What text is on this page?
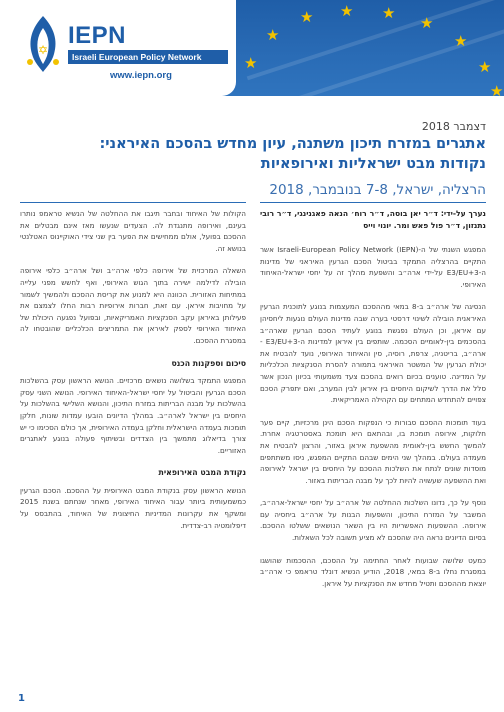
★ ★ ★
★
★
★
★
★
★
✡
IEPN
Israeli European Policy Network
www.iepn.org
דצמבר 2018
אתגרים במזרח תיכון משתנה, עיון מחדש בהסכם האיראני:
נקודות מבט ישראליות ואירופאיות
הרצליה, ישראל, 7-8 בנובמבר, 2018
נערך על-ידי: ד״ר יאן בוסה, ד״ר רוח׳ הנאה פאגנינגי, ד״ר רובי נתנזון, ד״ר פול פאש ומר. יונוי וייס

המפגש השנתי של ה-Israeli-European Policy Network (IEPN) אשר התקיים בהרצליה התמקד בביטול הסכם הגרעין האיראני של מדינות ה-3+E3/EU על-ידי ארה״ב והשפעת מהלך זה על יחסי ישראל-האיחוד האירופי.

הנסיגה של ארה״ב ב-8 במאי מההסכם המעצמות בנוגע לתוכנית הגרעין האיראנית הובילה לשינוי דרסטי בערה שבה מדינות העולם נוגעות ליחסיהן עם איראן, וכן העולם נפגשת בנוגע לעתיד הסכם הגרעין שארה״ב בהסכמים בין-לאומיים הסכמה. שותפים בין איראן למדינות ה-3+E3/EU - ארה״ב, בריטניה, צרפת, רוסיה, סין והאיחוד האירופי, נועד להבטיח את יכולת הגרעין של המשטר האיראני בתמורה להסרת הסנקציות הכלכליות על המדינה. טוענים בכיום רואים בהסכם צעד משמעותי בכיוון הנכון אשר סלל את הדרך לשיקום היחסים בין איראן לבין המערב, ואם יתפרק הסכם צפויים להתחדש המתחים עם הקהילה האמריקאית.

בעוד תומכות ההסכם סבורות כי הנפקות הסכם הינן מרכזיות, קיים פער חלוקות, אירופה תומכת בו, ובהתאם היא תומכת באסטרטגיה אחרת. להמשך החשש בין-לאומית מהשפעת איראן באזור, והרצון להבטיח את מעמדה בעולם. במהלך שני הימים שבהם התקיים המפגש, ניסו משתתפים מוסדות שונים לנתח את השלכות ההסכם על היחסים בין ישראל לאירופה ואת ההשפעה שעשויה להיות לכך על מבנה הבריתות באזור.

נוסף על כך, נדונו השלכות ההחלטה של ארה״ב על יחסי ישראל-ארה״ב, המשבר על המזרח התיכון, והשפעות הבנות על ארה״ב ביחסיה עם אירופה. ההשפעות האפשריות היו בין השאר הנושאים ששלטו ההסכם. בסיום הדיונים נראה היה שהסכם לא מציע תשובה לכל השאלות.

כמעט שלושה שבועות לאחר החתימה על ההסכם, ההסכמות שהושגו במסגרת נחלו ב-8 במאי, 2018, הודיע הנשיא דונלד טראמפ כי ארה״ב יוצאת מההסכם ותטיל מחדש את הסנקציות על איראן.

הקולות של האיחוד ובחבר תיגבו את ההחלטה של הנשיא טראמפ נותרו בעינם, ואירופה מתנגדת לה. הצעדים שנעשו מאז אינם מבטלים את ההסכם בפועל, אולם ממחישים את הפער בין שני צידי האוקיינוס האטלנטי בנושא זה.

השאלה המרכזית של אירופה כלפי ארה״ב ושל ארה״ב כלפי אירופה הובילה לדילמה ישירה בתוך הגוש האירופי, ואף לחשש מפני עלייה במתיחות האזורית. הכוונה היא למנוע את קריסת ההסכם ולהמשיך לשמור על מחויבות איראן. עם זאת, חברות אירופיות רבות החלו לצמצם את פעילותן באיראן עקב הסנקציות האמריקאיות, ובפועל נפגעה היכולת של האיחוד האירופי לספק לאיראן את התמריצים הכלכליים שהובטחו לה במסגרת ההסכם.

סיכום וספקנות הכנס

המפגש התמקד בשלושה נושאים מרכזיים. הנושא הראשון עסק בהשלכות הסכם הגרעין והביטול על יחסי ישראל-האיחוד האירופי. הנושא השני עסק בהשלכות על מבנה הבריתות במזרח התיכון, והנושא השלישי בהשלכות על היחסים בין ישראל לארה״ב. במהלך הדיונים הובעו עמדות שונות, חלקן תומכות בעמדה הישראלית וחלקן בעמדה האירופית, אך כולם הסכימו כי יש צורך בדיאלוג מתמשך בין הצדדים ובשיתוף פעולה בנוגע לאתגרים האזוריים.

נקודת המבט האירופאית

הנושא הראשון עסק בנקודת המבט האירופית על ההסכם. הסכם הגרעין כמשמעותית ביותר עבור האיחוד האירופי, מאחר שנחתם בשנת 2015 ומשקף את עקרונות המדיניות החיצונית של האיחוד, בהתבסס על דיפלומטיה רב-צדדית.

1
